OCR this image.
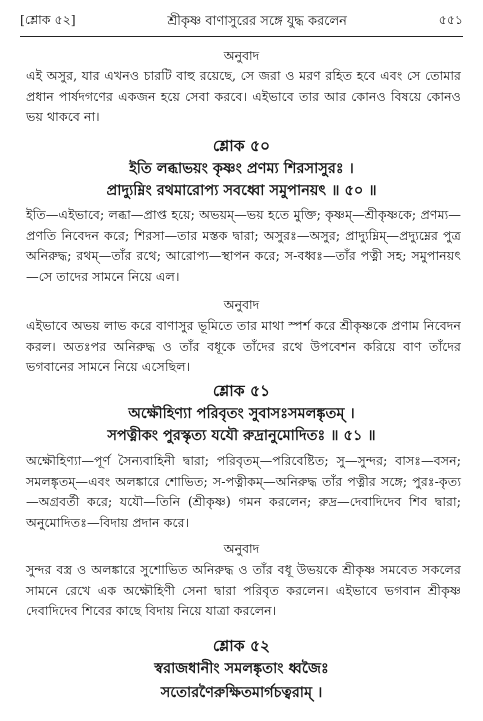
[শ্লোক ৫২]	শ্রীকৃষ্ণ বাণাসুরের সঙ্গে যুদ্ধ করলেন	৫৫১
অনুবাদ

এই অসুর, যার এখনও চারটি বাহু রয়েছে, সে জরা ও মরণ রহিত হবে এবং সে তোমার প্রধান পার্ষদগণের একজন হয়ে সেবা করবে। এইভাবে তার আর কোনও বিষয়ে কোনও ভয় থাকবে না।

শ্লোক ৫০
ইতি লব্ধাভয়ং কৃষ্ণং প্রণম্য শিরসাসুরঃ ।
প্রাদ্যুম্নিং রথমারোপ্য সবধ্বো সমুপানয়ৎ ॥ ৫০ ॥

ইতি—এইভাবে; লব্ধা—প্রাপ্ত হয়ে; অভয়ম্—ভয় হতে মুক্তি; কৃষ্ণম্—শ্রীকৃষ্ণকে; প্রণম্য—প্রণতি নিবেদন করে; শিরসা—তার মস্তক দ্বারা; অসুরঃ—অসুর; প্রাদ্যুম্নিম্—প্রদ্যুম্নের পুত্র অনিরুদ্ধ; রথম্—তাঁর রথে; আরোপ্য—স্থাপন করে; স-বধ্বঃ—তাঁর পত্নী সহ; সমুপানয়ৎ—সে তাদের সামনে নিয়ে এল।

অনুবাদ

এইভাবে অভয় লাভ করে বাণাসুর ভূমিতে তার মাথা স্পর্শ করে শ্রীকৃষ্ণকে প্রণাম নিবেদন করল। অতঃপর অনিরুদ্ধ ও তাঁর বধূকে তাঁদের রথে উপবেশন করিয়ে বাণ তাঁদের ভগবানের সামনে নিয়ে এসেছিল।

শ্লোক ৫১
অক্ষৌহিণ্যা পরিবৃতং সুবাসঃসমলঙ্কৃতম্ ।
সপত্নীকং পুরস্কৃত্য যযৌ রুদ্রানুমোদিতঃ ॥ ৫১ ॥

অক্ষৌহিণ্যা—পূর্ণ সৈন্যবাহিনী দ্বারা; পরিবৃতম্—পরিবেষ্টিত; সু—সুন্দর; বাসঃ—বসন; সমলঙ্কৃতম্—এবং অলঙ্কারে শোভিত; স-পত্নীকম্—অনিরুদ্ধ তাঁর পত্নীর সঙ্গে; পুরঃ-কৃত্য—অগ্রবর্তী করে; যযৌ—তিনি (শ্রীকৃষ্ণ) গমন করলেন; রুদ্র—দেবাদিদেব শিব দ্বারা; অনুমোদিতঃ—বিদায় প্রদান করে।

অনুবাদ

সুন্দর বস্ত্র ও অলঙ্কারে সুশোভিত অনিরুদ্ধ ও তাঁর বধূ উভয়কে শ্রীকৃষ্ণ সমবেত সকলের সামনে রেখে এক অক্ষৌহিণী সেনা দ্বারা পরিবৃত করলেন। এইভাবে ভগবান শ্রীকৃষ্ণ দেবাদিদেব শিবের কাছে বিদায় নিয়ে যাত্রা করলেন।

শ্লোক ৫২
স্বরাজধানীং সমলঙ্কৃতাং ধ্বজৈঃ
সতোরণৈরুক্ষিতমার্গচত্বরাম্ ।
